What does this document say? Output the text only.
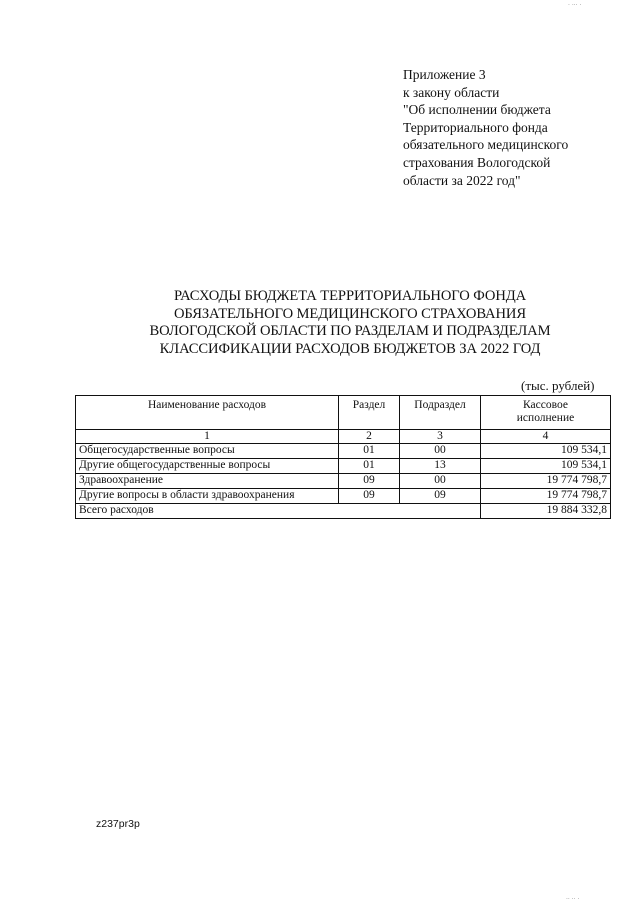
Приложение 3
к закону области
"Об исполнении бюджета
Территориального фонда
обязательного медицинского
страхования Вологодской
области за 2022 год"
РАСХОДЫ БЮДЖЕТА ТЕРРИТОРИАЛЬНОГО ФОНДА
ОБЯЗАТЕЛЬНОГО МЕДИЦИНСКОГО СТРАХОВАНИЯ
ВОЛОГОДСКОЙ ОБЛАСТИ ПО РАЗДЕЛАМ И ПОДРАЗДЕЛАМ
КЛАССИФИКАЦИИ РАСХОДОВ БЮДЖЕТОВ ЗА 2022 ГОД
(тыс. рублей)
Наименование расходов	Раздел	Подраздел	Кассовое
исполнение
1	2	3	4
Общегосударственные вопросы	01	00	109 534,1
Другие общегосударственные вопросы	01	13	109 534,1
Здравоохранение	09	00	19 774 798,7
Другие вопросы в области здравоохранения	09	09	19 774 798,7
Всего расходов			19 884 332,8
z237pr3p
· ··· ·
·· ·· ·
